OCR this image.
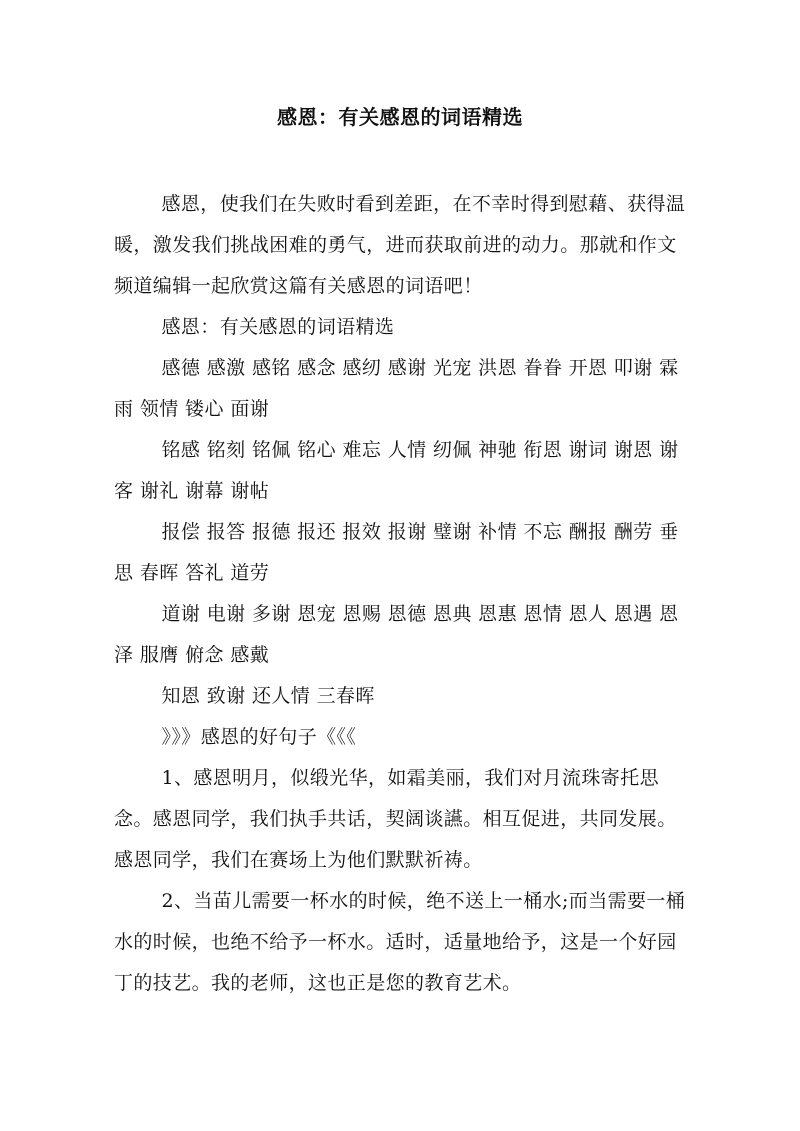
感恩：有关感恩的词语精选

感恩，使我们在失败时看到差距，在不幸时得到慰藉、获得温暖，激发我们挑战困难的勇气，进而获取前进的动力。那就和作文频道编辑一起欣赏这篇有关感恩的词语吧！

感恩：有关感恩的词语精选

感德 感激 感铭 感念 感纫 感谢 光宠 洪恩 眷眷 开恩 叩谢 霖雨 领情 镂心 面谢

铭感 铭刻 铭佩 铭心 难忘 人情 纫佩 神驰 衔恩 谢词 谢恩 谢客 谢礼 谢幕 谢帖

报偿 报答 报德 报还 报效 报谢 璧谢 补情 不忘 酬报 酬劳 垂思 春晖 答礼 道劳

道谢 电谢 多谢 恩宠 恩赐 恩德 恩典 恩惠 恩情 恩人 恩遇 恩泽 服膺 俯念 感戴

知恩 致谢 还人情 三春晖

》》》感恩的好句子《《《

1、感恩明月，似缎光华，如霜美丽，我们对月流珠寄托思念。感恩同学，我们执手共话，契阔谈讌。相互促进，共同发展。感恩同学，我们在赛场上为他们默默祈祷。

2、当苗儿需要一杯水的时候，绝不送上一桶水;而当需要一桶水的时候，也绝不给予一杯水。适时，适量地给予，这是一个好园丁的技艺。我的老师，这也正是您的教育艺术。
